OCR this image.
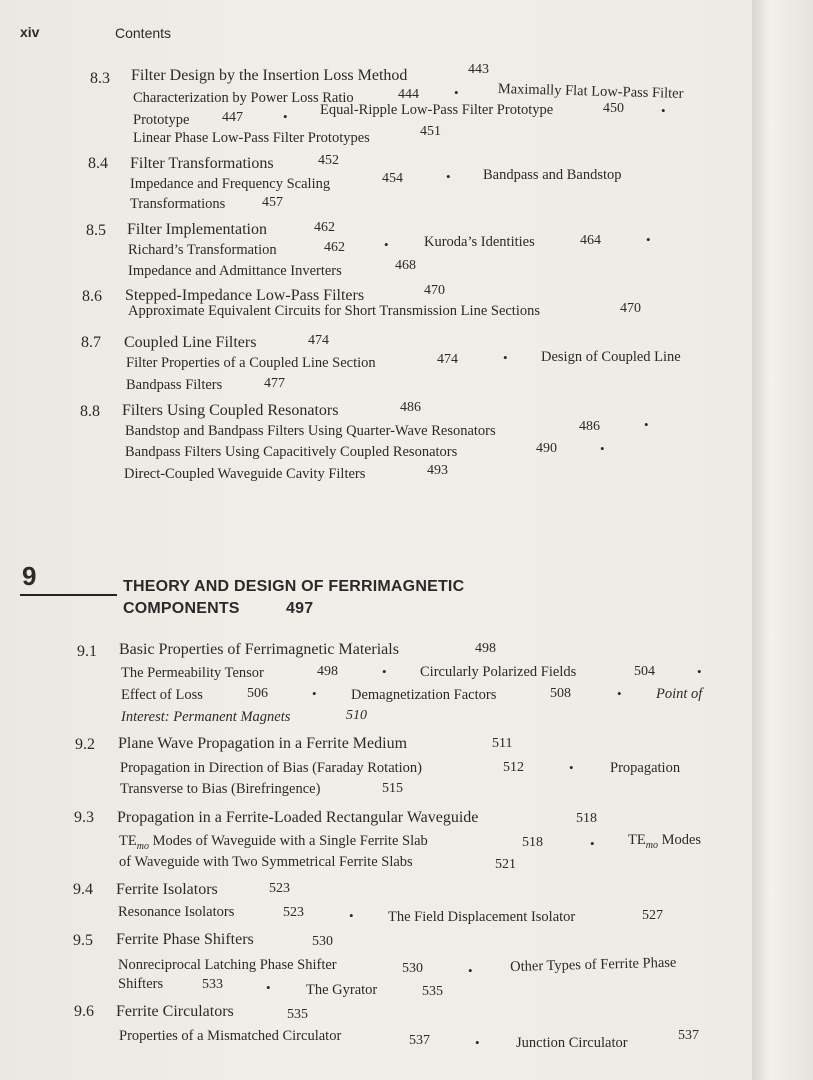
xiv	Contents
8.3 Filter Design by the Insertion Loss Method	443
Characterization by Power Loss Ratio	444	•	Maximally Flat Low-Pass Filter
Prototype 447	• Equal-Ripple Low-Pass Filter Prototype	450	•
Linear Phase Low-Pass Filter Prototypes	451
8.4 Filter Transformations	452
Impedance and Frequency Scaling	454	• Bandpass and Bandstop
Transformations	457
8.5 Filter Implementation	462
Richard’s Transformation	462	• Kuroda’s Identities	464	•
Impedance and Admittance Inverters	468
8.6 Stepped-Impedance Low-Pass Filters	470
Approximate Equivalent Circuits for Short Transmission Line Sections	470
8.7 Coupled Line Filters	474
Filter Properties of a Coupled Line Section	474	• Design of Coupled Line
Bandpass Filters	477
8.8 Filters Using Coupled Resonators	486
Bandstop and Bandpass Filters Using Quarter-Wave Resonators	486	•
Bandpass Filters Using Capacitively Coupled Resonators	490	•
Direct-Coupled Waveguide Cavity Filters	493
9	THEORY AND DESIGN OF FERRIMAGNETIC
COMPONENTS	497
9.1 Basic Properties of Ferrimagnetic Materials	498
The Permeability Tensor	498	• Circularly Polarized Fields	504	•
Effect of Loss	506	• Demagnetization Factors	508	• Point of
Interest: Permanent Magnets	510
9.2 Plane Wave Propagation in a Ferrite Medium	511
Propagation in Direction of Bias (Faraday Rotation)	512	•	Propagation
Transverse to Bias (Birefringence)	515
9.3 Propagation in a Ferrite-Loaded Rectangular Waveguide	518
$TE_{mo}$ Modes of Waveguide with a Single Ferrite Slab	518	• $TE_{mo}$ Modes
of Waveguide with Two Symmetrical Ferrite Slabs	521
9.4 Ferrite Isolators	523
Resonance Isolators	523	• The Field Displacement Isolator	527
9.5 Ferrite Phase Shifters	530
Nonreciprocal Latching Phase Shifter	530	•	Other Types of Ferrite Phase
Shifters	533	• The Gyrator	535
9.6 Ferrite Circulators	535
Properties of a Mismatched Circulator	537	•	Junction Circulator	537
